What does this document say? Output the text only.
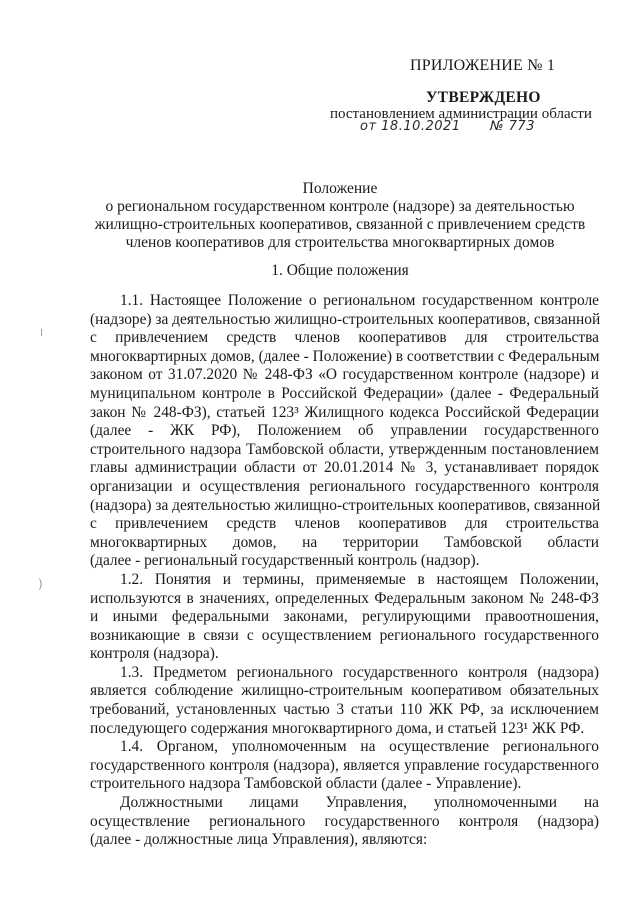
ПРИЛОЖЕНИЕ № 1
УТВЕРЖДЕНО
постановлением администрации области
от 18.10.2021 № 773
Положение
о региональном государственном контроле (надзоре) за деятельностью
жилищно-строительных кооперативов, связанной с привлечением средств
членов кооперативов для строительства многоквартирных домов
1. Общие положения
1.1. Настоящее Положение о региональном государственном контроле
(надзоре) за деятельностью жилищно-строительных кооперативов, связанной
с привлечением средств членов кооперативов для строительства
многоквартирных домов, (далее - Положение) в соответствии с Федеральным
законом от 31.07.2020 № 248-ФЗ «О государственном контроле (надзоре) и
муниципальном контроле в Российской Федерации» (далее - Федеральный
закон № 248-ФЗ), статьей 123³ Жилищного кодекса Российской Федерации
(далее - ЖК РФ), Положением об управлении государственного
строительного надзора Тамбовской области, утвержденным постановлением
главы администрации области от 20.01.2014 № 3, устанавливает порядок
организации и осуществления регионального государственного контроля
(надзора) за деятельностью жилищно-строительных кооперативов, связанной
с привлечением средств членов кооперативов для строительства
многоквартирных домов, на территории Тамбовской области
(далее - региональный государственный контроль (надзор).
1.2. Понятия и термины, применяемые в настоящем Положении,
используются в значениях, определенных Федеральным законом № 248-ФЗ
и иными федеральными законами, регулирующими правоотношения,
возникающие в связи с осуществлением регионального государственного
контроля (надзора).
1.3. Предметом регионального государственного контроля (надзора)
является соблюдение жилищно-строительным кооперативом обязательных
требований, установленных частью 3 статьи 110 ЖК РФ, за исключением
последующего содержания многоквартирного дома, и статьей 123¹ ЖК РФ.
1.4. Органом, уполномоченным на осуществление регионального
государственного контроля (надзора), является управление государственного
строительного надзора Тамбовской области (далее - Управление).
Должностными лицами Управления, уполномоченными на
осуществление регионального государственного контроля (надзора)
(далее - должностные лица Управления), являются:
╷
)
